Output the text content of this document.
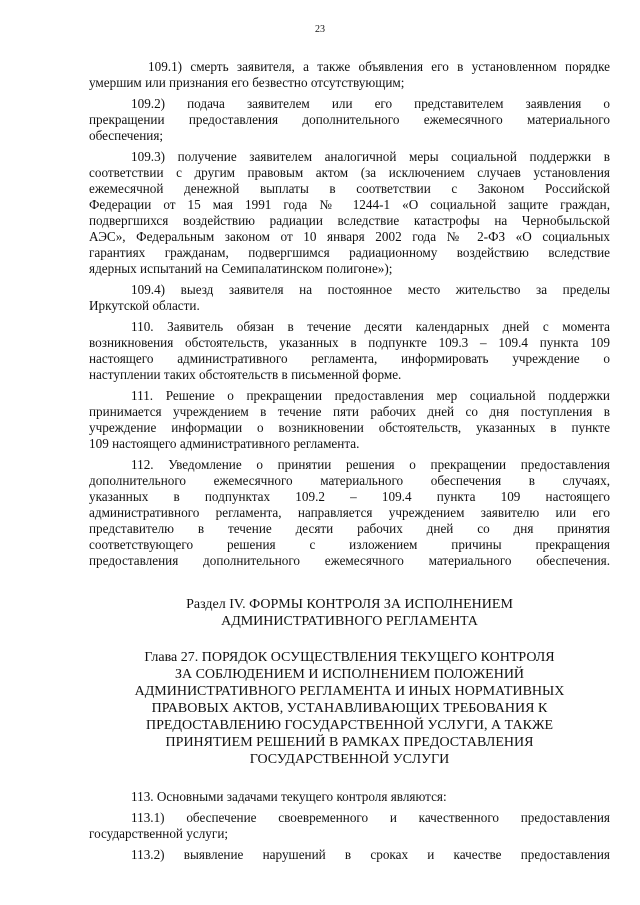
23
109.1) смерть заявителя, а также объявления его в установленном порядке
умершим или признания его безвестно отсутствующим;
109.2) подача заявителем или его представителем заявления о
прекращении предоставления дополнительного ежемесячного материального
обеспечения;
109.3) получение заявителем аналогичной меры социальной поддержки в
соответствии с другим правовым актом (за исключением случаев установления
ежемесячной денежной выплаты в соответствии с Законом Российской
Федерации от 15 мая 1991 года № 1244-1 «О социальной защите граждан,
подвергшихся воздействию радиации вследствие катастрофы на Чернобыльской
АЭС», Федеральным законом от 10 января 2002 года № 2-ФЗ «О социальных
гарантиях гражданам, подвергшимся радиационному воздействию вследствие
ядерных испытаний на Семипалатинском полигоне»);
109.4) выезд заявителя на постоянное место жительство за пределы
Иркутской области.
110. Заявитель обязан в течение десяти календарных дней с момента
возникновения обстоятельств, указанных в подпункте 109.3 – 109.4 пункта 109
настоящего административного регламента, информировать учреждение о
наступлении таких обстоятельств в письменной форме.
111. Решение о прекращении предоставления мер социальной поддержки
принимается учреждением в течение пяти рабочих дней со дня поступления в
учреждение информации о возникновении обстоятельств, указанных в пункте
109 настоящего административного регламента.
112. Уведомление о принятии решения о прекращении предоставления
дополнительного ежемесячного материального обеспечения в случаях,
указанных в подпунктах 109.2 – 109.4 пункта 109 настоящего
административного регламента, направляется учреждением заявителю или его
представителю в течение десяти рабочих дней со дня принятия
соответствующего решения с изложением причины прекращения
предоставления дополнительного ежемесячного материального обеспечения.
Раздел IV. ФОРМЫ КОНТРОЛЯ ЗА ИСПОЛНЕНИЕМ
АДМИНИСТРАТИВНОГО РЕГЛАМЕНТА
Глава 27. ПОРЯДОК ОСУЩЕСТВЛЕНИЯ ТЕКУЩЕГО КОНТРОЛЯ
ЗА СОБЛЮДЕНИЕМ И ИСПОЛНЕНИЕМ ПОЛОЖЕНИЙ
АДМИНИСТРАТИВНОГО РЕГЛАМЕНТА И ИНЫХ НОРМАТИВНЫХ
ПРАВОВЫХ АКТОВ, УСТАНАВЛИВАЮЩИХ ТРЕБОВАНИЯ К
ПРЕДОСТАВЛЕНИЮ ГОСУДАРСТВЕННОЙ УСЛУГИ, А ТАКЖЕ
ПРИНЯТИЕМ РЕШЕНИЙ В РАМКАХ ПРЕДОСТАВЛЕНИЯ
ГОСУДАРСТВЕННОЙ УСЛУГИ
113. Основными задачами текущего контроля являются:
113.1) обеспечение своевременного и качественного предоставления
государственной услуги;
113.2) выявление нарушений в сроках и качестве предоставления
